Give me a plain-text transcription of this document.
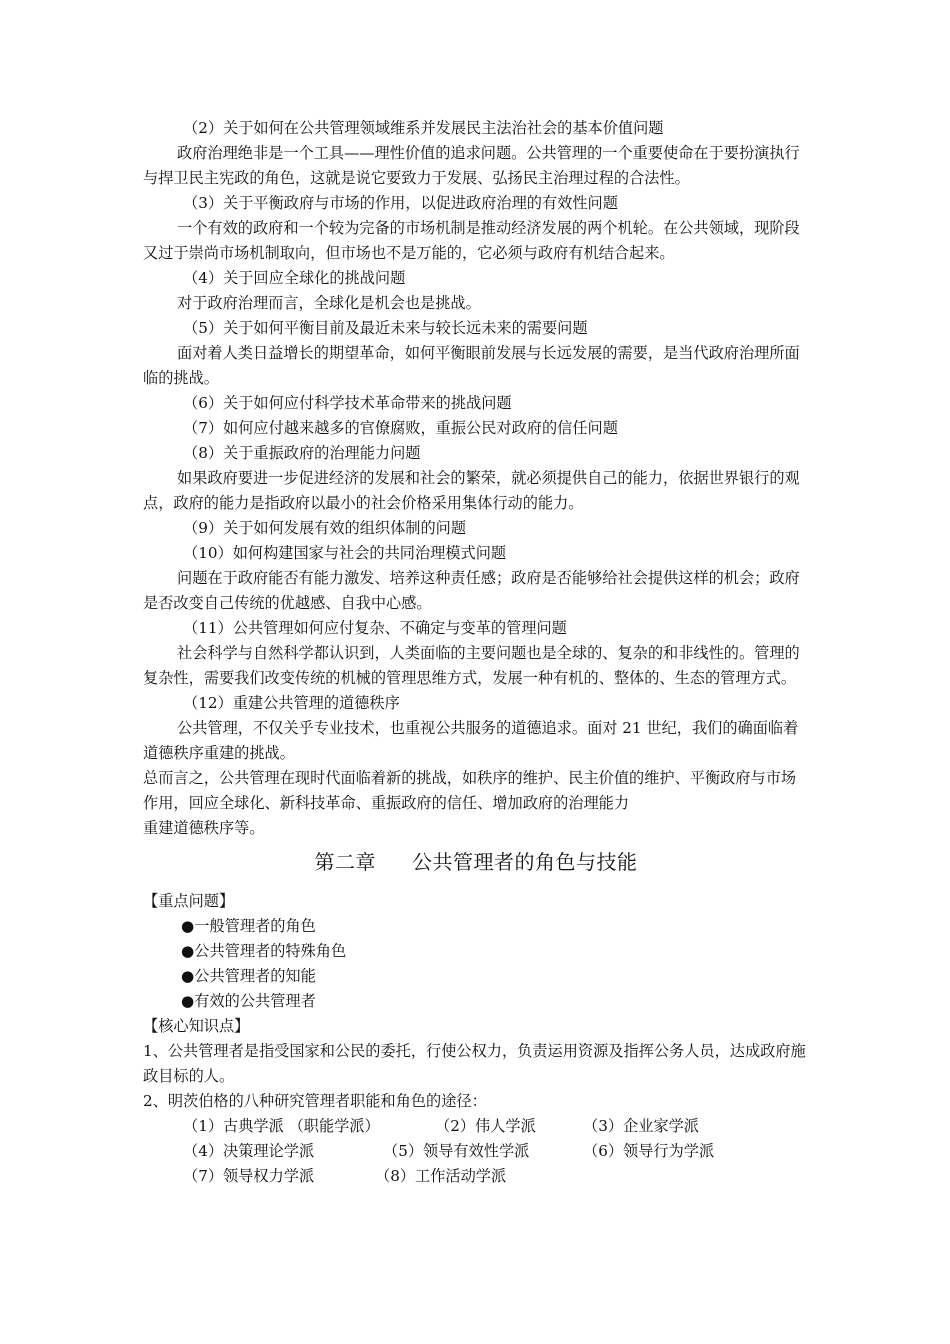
（2）关于如何在公共管理领域维系并发展民主法治社会的基本价值问题

政府治理绝非是一个工具——理性价值的追求问题。公共管理的一个重要使命在于要扮演执行与捍卫民主宪政的角色，这就是说它要致力于发展、弘扬民主治理过程的合法性。

（3）关于平衡政府与市场的作用，以促进政府治理的有效性问题

一个有效的政府和一个较为完备的市场机制是推动经济发展的两个机轮。在公共领域，现阶段又过于崇尚市场机制取向，但市场也不是万能的，它必须与政府有机结合起来。

（4）关于回应全球化的挑战问题

对于政府治理而言，全球化是机会也是挑战。

（5）关于如何平衡目前及最近未来与较长远未来的需要问题

面对着人类日益增长的期望革命，如何平衡眼前发展与长远发展的需要，是当代政府治理所面临的挑战。

（6）关于如何应付科学技术革命带来的挑战问题

（7）如何应付越来越多的官僚腐败，重振公民对政府的信任问题

（8）关于重振政府的治理能力问题

如果政府要进一步促进经济的发展和社会的繁荣，就必须提供自己的能力，依据世界银行的观点，政府的能力是指政府以最小的社会价格采用集体行动的能力。

（9）关于如何发展有效的组织体制的问题

（10）如何构建国家与社会的共同治理模式问题

问题在于政府能否有能力激发、培养这种责任感；政府是否能够给社会提供这样的机会；政府是否改变自己传统的优越感、自我中心感。

（11）公共管理如何应付复杂、不确定与变革的管理问题

社会科学与自然科学都认识到，人类面临的主要问题也是全球的、复杂的和非线性的。管理的复杂性，需要我们改变传统的机械的管理思维方式，发展一种有机的、整体的、生态的管理方式。

（12）重建公共管理的道德秩序

公共管理，不仅关乎专业技术，也重视公共服务的道德追求。面对 21 世纪，我们的确面临着道德秩序重建的挑战。

总而言之，公共管理在现时代面临着新的挑战，如秩序的维护、民主价值的维护、平衡政府与市场作用，回应全球化、新科技革命、重振政府的信任、增加政府的治理能力

重建道德秩序等。

第二章 公共管理者的角色与技能

【重点问题】

●一般管理者的角色

●公共管理者的特殊角色

●公共管理者的知能

●有效的公共管理者

【核心知识点】

1、公共管理者是指受国家和公民的委托，行使公权力，负责运用资源及指挥公务人员，达成政府施政目标的人。

2、明茨伯格的八种研究管理者职能和角色的途径：

（1）古典学派 （职能学派）	（2）伟人学派	（3）企业家学派
（4）决策理论学派	（5）领导有效性学派	（6）领导行为学派
（7）领导权力学派	（8）工作活动学派
